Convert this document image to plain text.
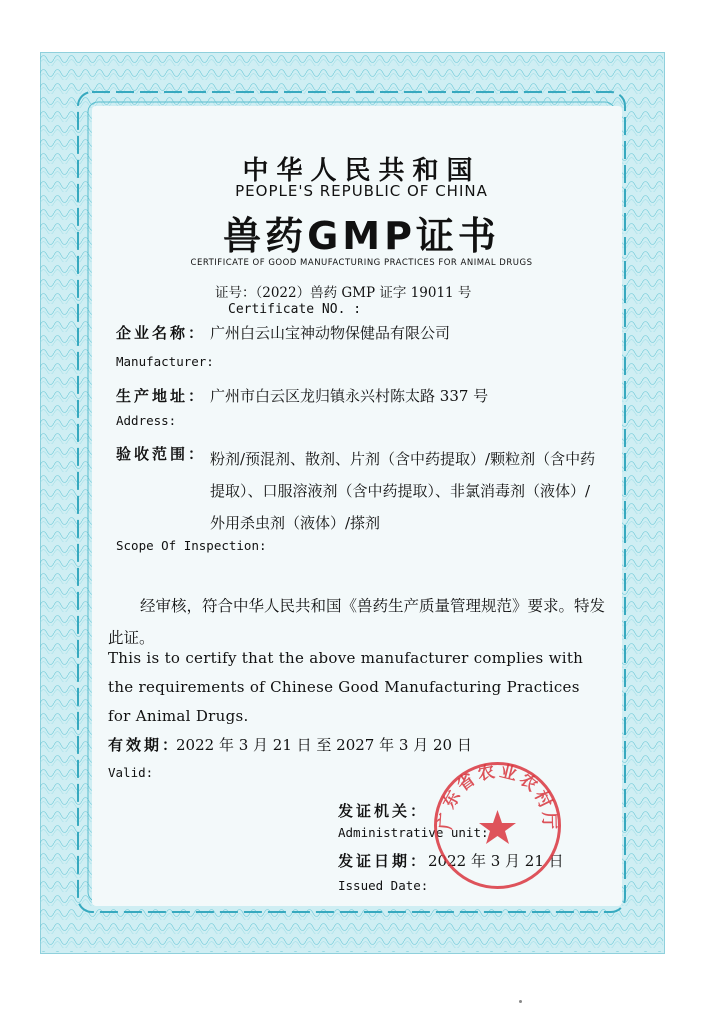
中华人民共和国
PEOPLE'S REPUBLIC OF CHINA
兽药GMP证书
CERTIFICATE OF GOOD MANUFACTURING PRACTICES FOR ANIMAL DRUGS
证号：（2022）兽药 GMP 证字 19011 号
Certificate NO. :
企业名称： 广州白云山宝神动物保健品有限公司
Manufacturer:
生产地址： 广州市白云区龙归镇永兴村陈太路 337 号
Address:
验收范围： 粉剂/预混剂、散剂、片剂（含中药提取）/颗粒剂（含中药提取）、口服溶液剂（含中药提取）、非氯消毒剂（液体）/外用杀虫剂（液体）/搽剂
Scope Of Inspection:
经审核，符合中华人民共和国《兽药生产质量管理规范》要求。特发此证。
This is to certify that the above manufacturer complies with the requirements of Chinese Good Manufacturing Practices for Animal Drugs.
有效期：
2022 年 3 月 21 日 至 2027 年 3 月 20 日
Valid:
发证机关：
Administrative unit:
发证日期： 2022 年 3 月 21 日
Issued Date:
广东省农业农村厅
